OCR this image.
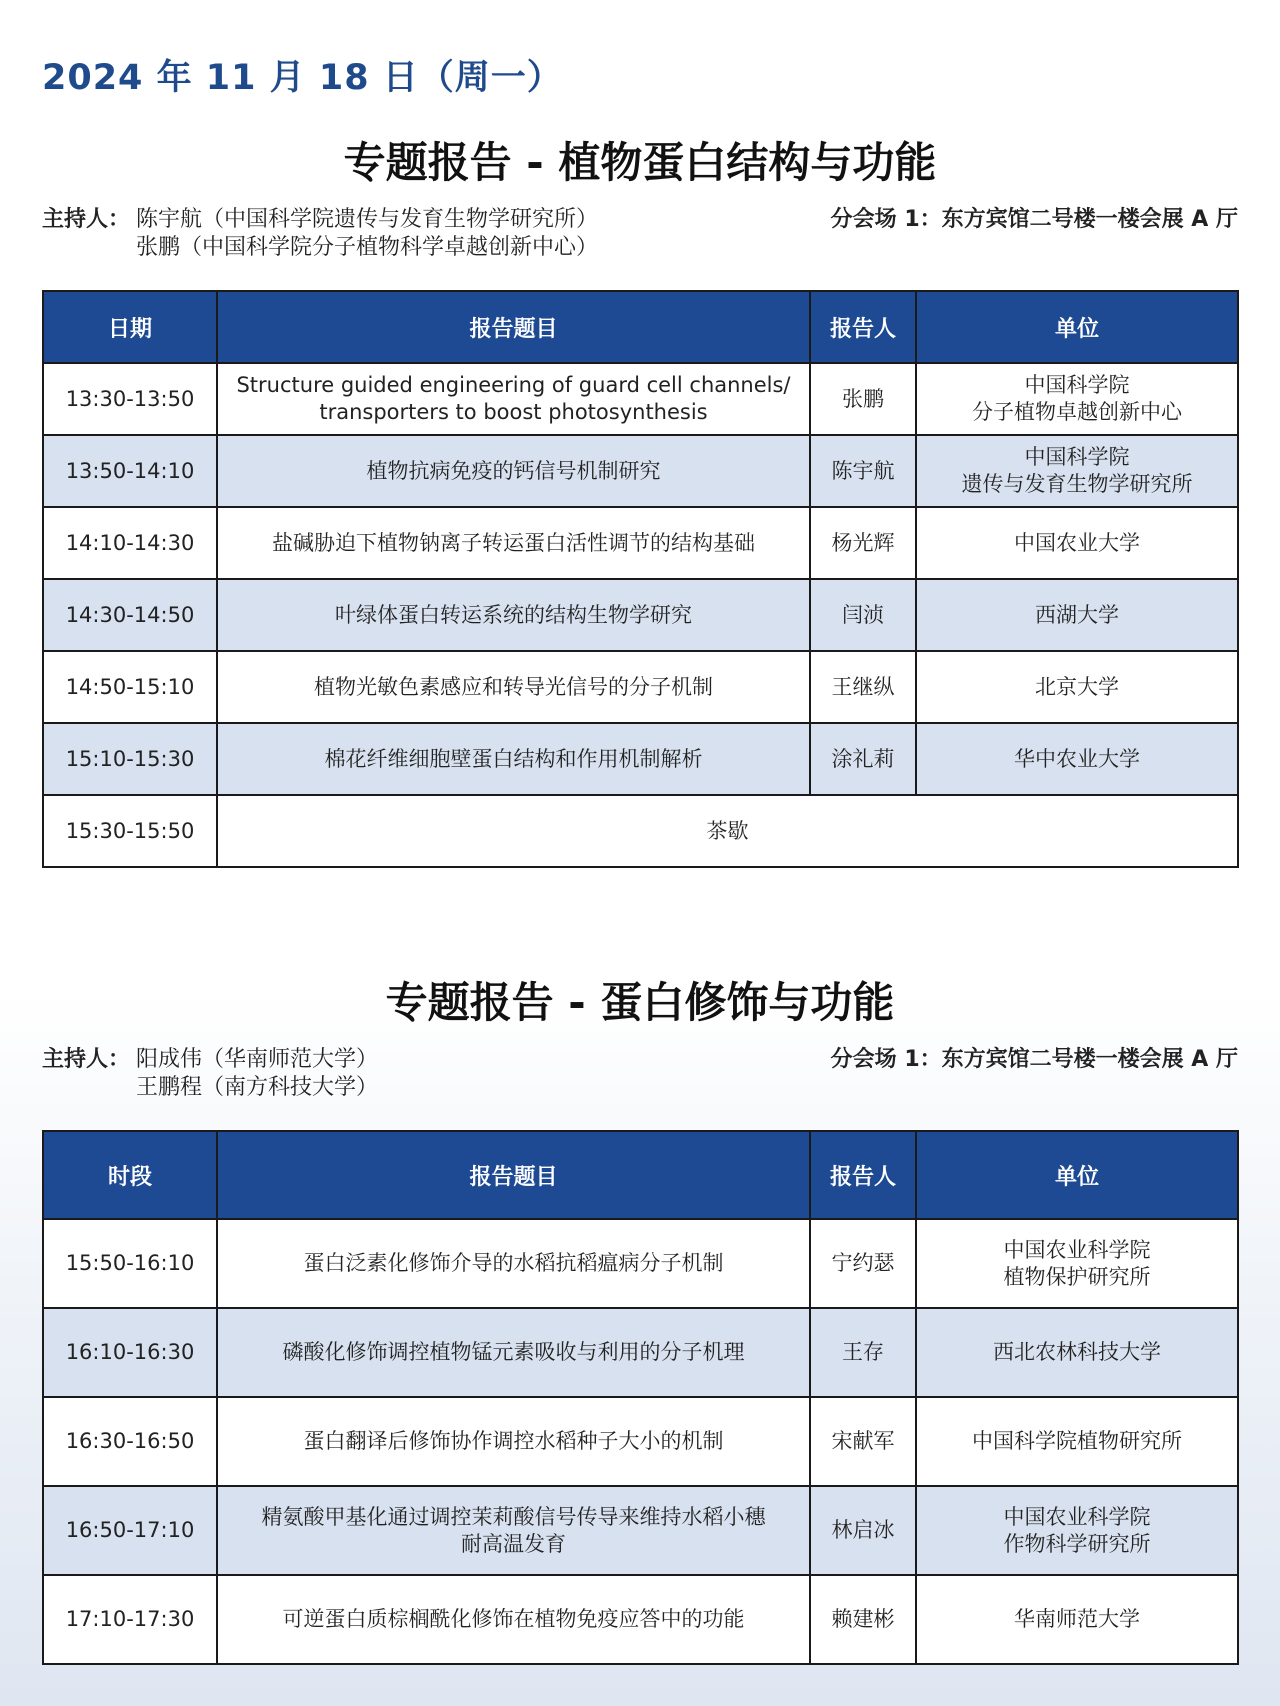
2024 年 11 月 18 日（周一）
专题报告 - 植物蛋白结构与功能
主持人： 陈宇航（中国科学院遗传与发育生物学研究所）
张鹏（中国科学院分子植物科学卓越创新中心）
分会场 1：东方宾馆二号楼一楼会展 A 厅
日期	报告题目	报告人	单位
13:30-13:50	Structure guided engineering of guard cell channels/
transporters to boost photosynthesis	张鹏	中国科学院
分子植物卓越创新中心

13:50-14:10	植物抗病免疫的钙信号机制研究	陈宇航	中国科学院
遗传与发育生物学研究所

14:10-14:30	盐碱胁迫下植物钠离子转运蛋白活性调节的结构基础	杨光辉	中国农业大学
14:30-14:50	叶绿体蛋白转运系统的结构生物学研究	闫浈	西湖大学
14:50-15:10	植物光敏色素感应和转导光信号的分子机制	王继纵	北京大学
15:10-15:30	棉花纤维细胞壁蛋白结构和作用机制解析	涂礼莉	华中农业大学
15:30-15:50	茶歇		
专题报告 - 蛋白修饰与功能
主持人： 阳成伟（华南师范大学）
王鹏程（南方科技大学）
分会场 1：东方宾馆二号楼一楼会展 A 厅
时段	报告题目	报告人	单位
15:50-16:10	蛋白泛素化修饰介导的水稻抗稻瘟病分子机制	宁约瑟	中国农业科学院
植物保护研究所

16:10-16:30	磷酸化修饰调控植物锰元素吸收与利用的分子机理	王存	西北农林科技大学
16:30-16:50	蛋白翻译后修饰协作调控水稻种子大小的机制	宋献军	中国科学院植物研究所
16:50-17:10	精氨酸甲基化通过调控茉莉酸信号传导来维持水稻小穗
耐高温发育	林启冰	中国农业科学院
作物科学研究所

17:10-17:30	可逆蛋白质棕榈酰化修饰在植物免疫应答中的功能	赖建彬	华南师范大学
